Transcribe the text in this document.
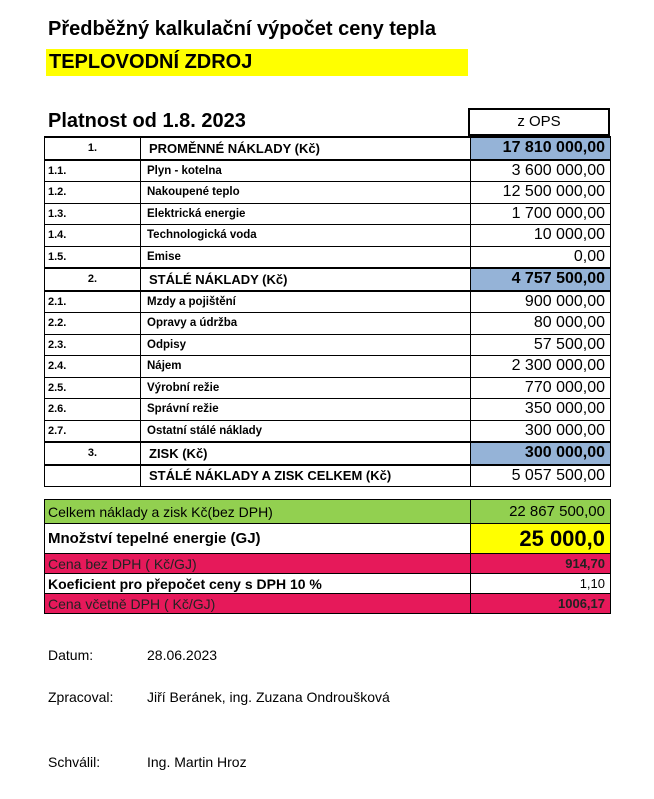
Předběžný kalkulační výpočet ceny tepla
TEPLOVODNÍ ZDROJ
Platnost od 1.8. 2023	z OPS
1.	PROMĚNNÉ NÁKLADY (Kč)	17 810 000,00
1.1.	Plyn - kotelna	3 600 000,00
1.2.	Nakoupené teplo	12 500 000,00
1.3.	Elektrická energie	1 700 000,00
1.4.	Technologická voda	10 000,00
1.5.	Emise	0,00
2.	STÁLÉ NÁKLADY (Kč)	4 757 500,00
2.1.	Mzdy a pojištění	900 000,00
2.2.	Opravy a údržba	80 000,00
2.3.	Odpisy	57 500,00
2.4.	Nájem	2 300 000,00
2.5.	Výrobní režie	770 000,00
2.6.	Správní režie	350 000,00
2.7.	Ostatní stálé náklady	300 000,00
3.	ZISK (Kč)	300 000,00
	STÁLÉ NÁKLADY A ZISK CELKEM (Kč)	5 057 500,00
Celkem náklady a zisk Kč(bez DPH)	22 867 500,00
Množství tepelné energie (GJ)	25 000,0
Cena bez DPH ( Kč/GJ)	914,70
Koeficient pro přepočet ceny s DPH 10 %	1,10
Cena včetně DPH ( Kč/GJ)	1006,17
Datum:	28.06.2023
Zpracoval: Jiří Beránek, ing. Zuzana Ondroušková
Schválil:	Ing. Martin Hroz
